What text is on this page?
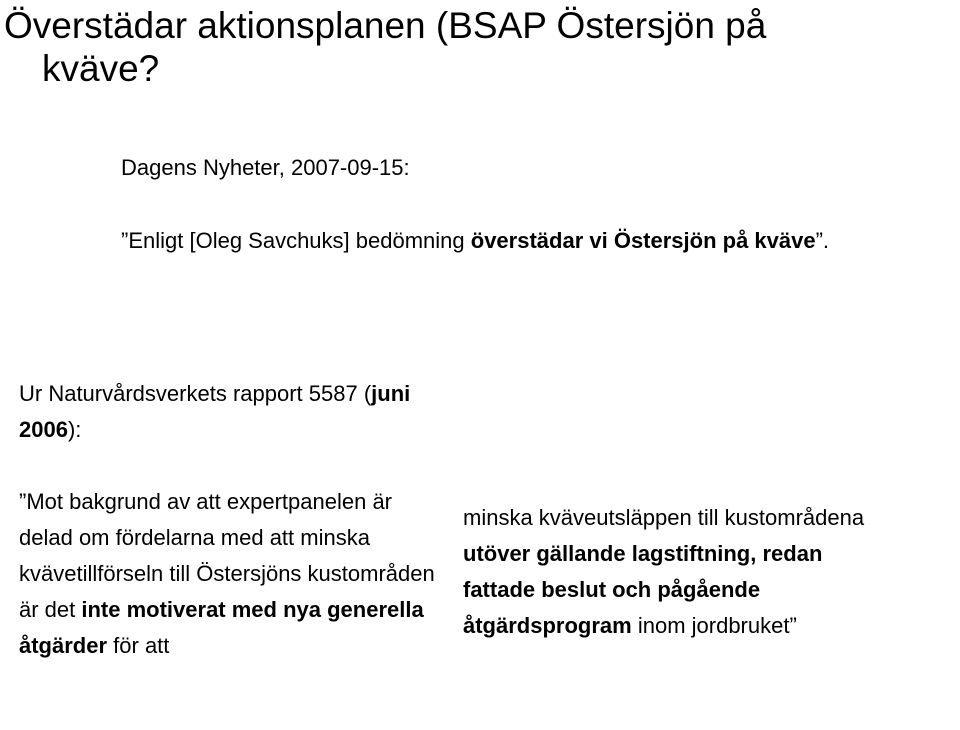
Överstädar aktionsplanen (BSAP Östersjön på
kväve?

Dagens Nyheter, 2007-09-15:

”Enligt [Oleg Savchuks] bedömning överstädar vi Östersjön på kväve”.

Ur Naturvårdsverkets rapport 5587 (juni 2006):

”Mot bakgrund av att expertpanelen är delad om fördelarna med att minska kvävetillförseln till Östersjöns kustområden är det inte motiverat med nya generella åtgärder för att

minska kväveutsläppen till kustområdena utöver gällande lagstiftning, redan fattade beslut och pågående åtgärdsprogram inom jordbruket”
